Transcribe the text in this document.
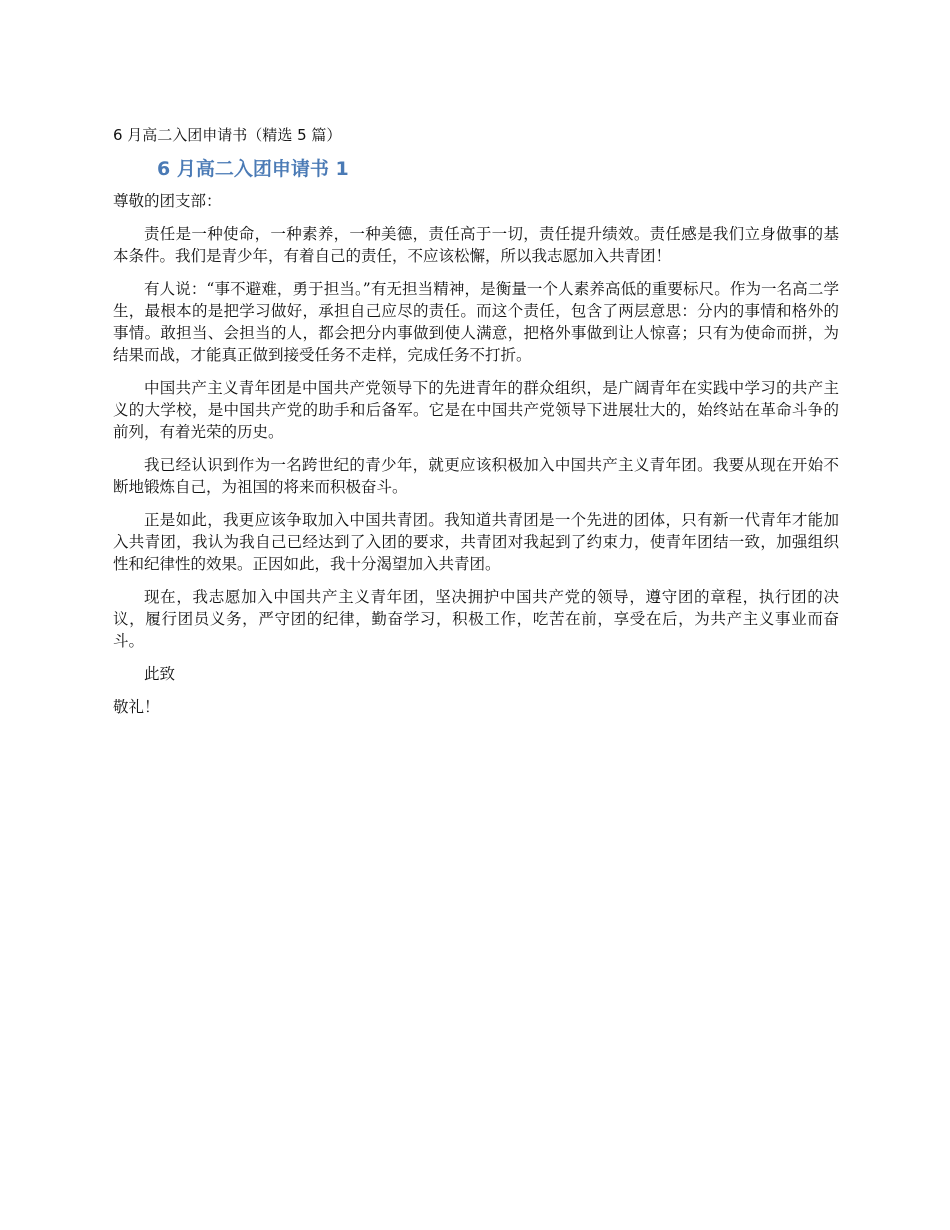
6 月高二入团申请书（精选 5 篇）
6 月高二入团申请书 1
尊敬的团支部：

责任是一种使命，一种素养，一种美德，责任高于一切，责任提升绩效。责任感是我们立身做事的基本条件。我们是青少年，有着自己的责任，不应该松懈，所以我志愿加入共青团！

有人说：“事不避难，勇于担当。”有无担当精神，是衡量一个人素养高低的重要标尺。作为一名高二学生，最根本的是把学习做好，承担自己应尽的责任。而这个责任，包含了两层意思：分内的事情和格外的事情。敢担当、会担当的人，都会把分内事做到使人满意，把格外事做到让人惊喜；只有为使命而拼，为结果而战，才能真正做到接受任务不走样，完成任务不打折。

中国共产主义青年团是中国共产党领导下的先进青年的群众组织，是广阔青年在实践中学习的共产主义的大学校，是中国共产党的助手和后备军。它是在中国共产党领导下进展壮大的，始终站在革命斗争的前列，有着光荣的历史。

我已经认识到作为一名跨世纪的青少年，就更应该积极加入中国共产主义青年团。我要从现在开始不断地锻炼自己，为祖国的将来而积极奋斗。

正是如此，我更应该争取加入中国共青团。我知道共青团是一个先进的团体，只有新一代青年才能加入共青团，我认为我自己已经达到了入团的要求，共青团对我起到了约束力，使青年团结一致，加强组织性和纪律性的效果。正因如此，我十分渴望加入共青团。

现在，我志愿加入中国共产主义青年团，坚决拥护中国共产党的领导，遵守团的章程，执行团的决议，履行团员义务，严守团的纪律，勤奋学习，积极工作，吃苦在前，享受在后，为共产主义事业而奋斗。

此致
敬礼！
